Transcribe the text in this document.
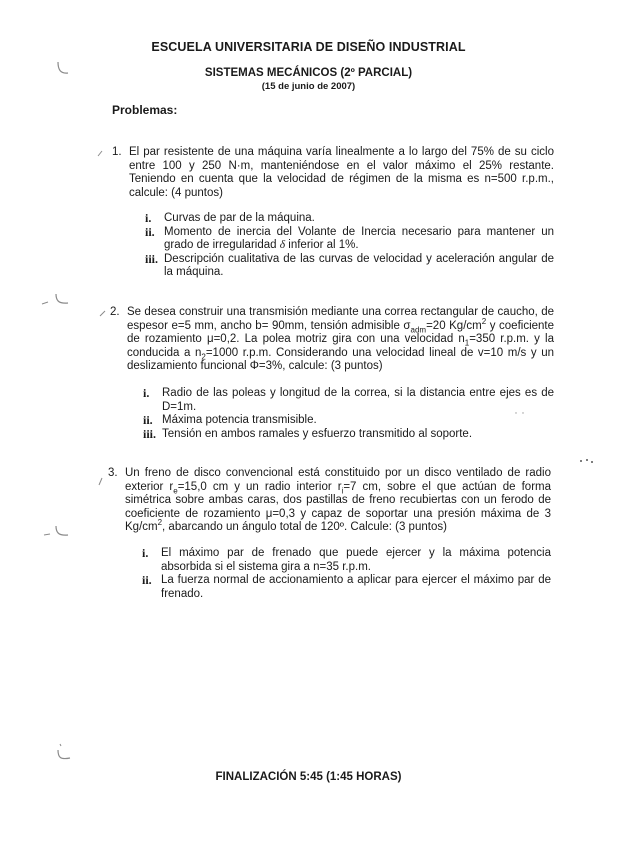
ESCUELA UNIVERSITARIA DE DISEÑO INDUSTRIAL
SISTEMAS MECÁNICOS (2º PARCIAL)
(15 de junio de 2007)
Problemas:
1. El par resistente de una máquina varía linealmente a lo largo del 75% de su ciclo entre 100 y 250 N·m, manteniéndose en el valor máximo el 25% restante. Teniendo en cuenta que la velocidad de régimen de la misma es n=500 r.p.m., calcule: (4 puntos)
i. Curvas de par de la máquina.
ii. Momento de inercia del Volante de Inercia necesario para mantener un grado de irregularidad δ inferior al 1%.
iii. Descripción cualitativa de las curvas de velocidad y aceleración angular de la máquina.
2. Se desea construir una transmisión mediante una correa rectangular de caucho, de espesor e=5 mm, ancho b= 90mm, tensión admisible $\sigma_{adm}=20$ $Kg/cm^2$ y coeficiente de rozamiento μ=0,2. La polea motriz gira con una velocidad $n_1=350$ r.p.m. y la conducida a $n_2=1000$ r.p.m. Considerando una velocidad lineal de v=10 m/s y un deslizamiento funcional Φ=3%, calcule: (3 puntos)
i. Radio de las poleas y longitud de la correa, si la distancia entre ejes es de D=1m.
ii. Máxima potencia transmisible.
iii. Tensión en ambos ramales y esfuerzo transmitido al soporte.
3. Un freno de disco convencional está constituido por un disco ventilado de radio exterior $r_e=15,0$ cm y un radio interior $r_i=7$ cm, sobre el que actúan de forma simétrica sobre ambas caras, dos pastillas de freno recubiertas con un ferodo de coeficiente de rozamiento μ=0,3 y capaz de soportar una presión máxima de 3 $Kg/cm^2$, abarcando un ángulo total de 120º. Calcule: (3 puntos)
i. El máximo par de frenado que puede ejercer y la máxima potencia absorbida si el sistema gira a n=35 r.p.m.
ii. La fuerza normal de accionamiento a aplicar para ejercer el máximo par de frenado.
FINALIZACIÓN 5:45 (1:45 HORAS)
